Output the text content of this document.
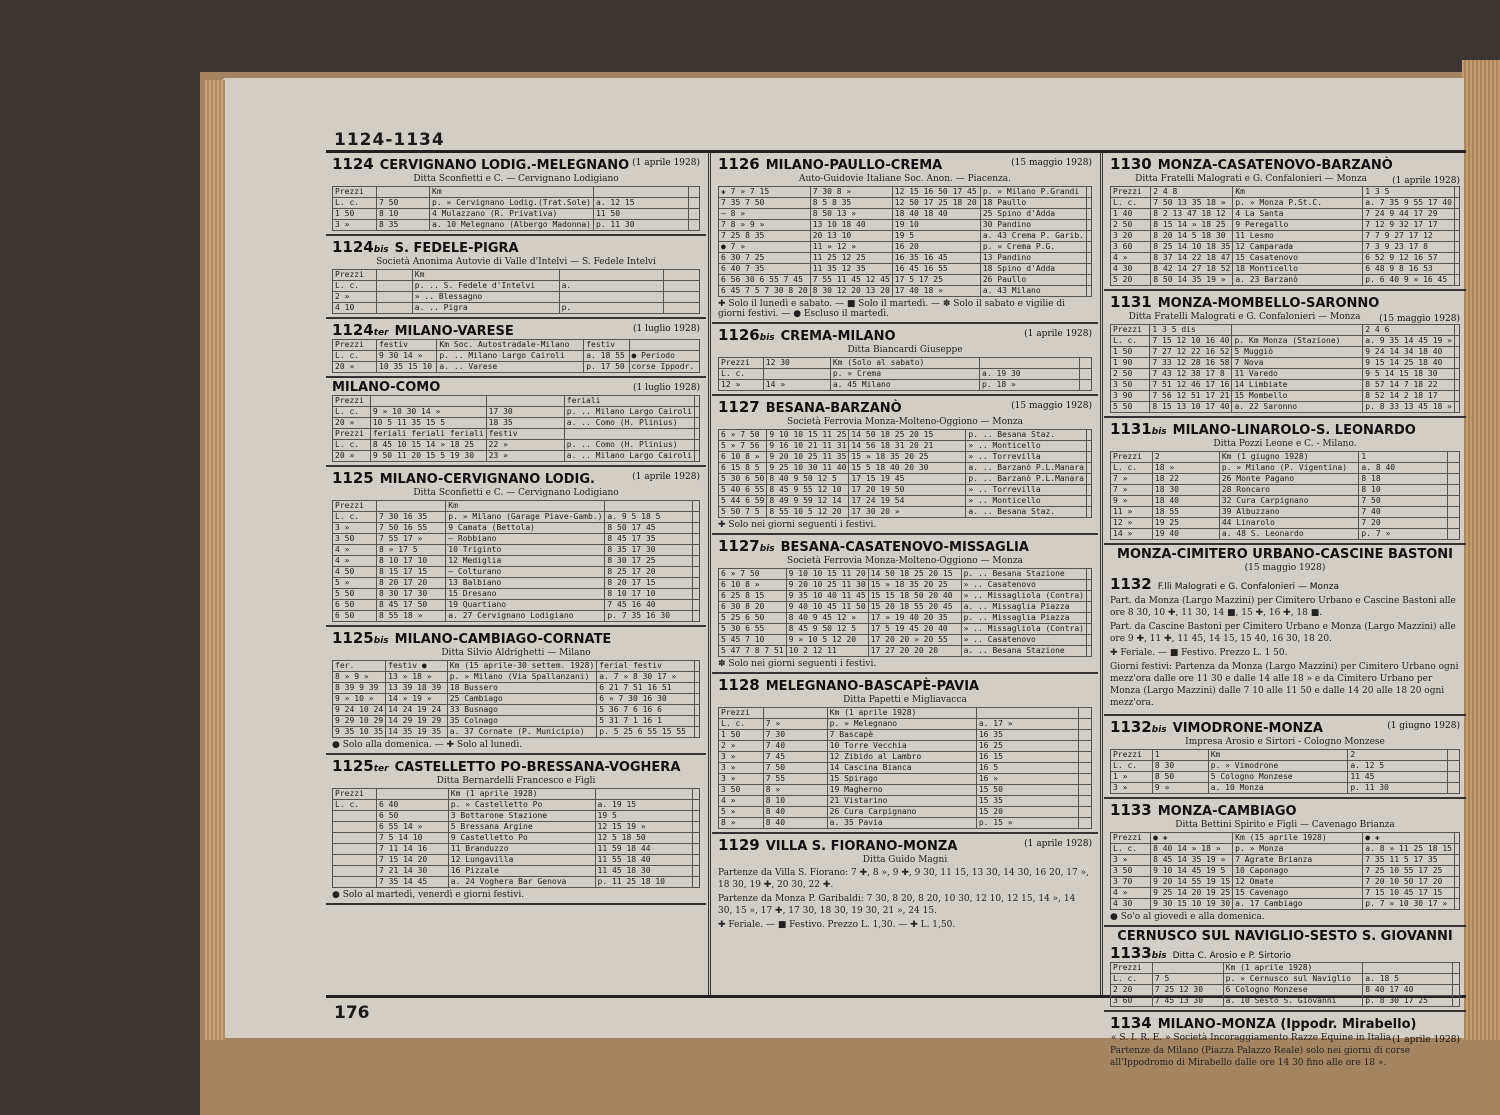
1124-1134
1124 CERVIGNANO LODIG.-MELEGNANO (1 aprile 1928)
Ditta Sconfietti e C. — Cervignano Lodigiano
Prezzi		Km		
L. c.	7 50	p. » Cervignano Lodig.(Trat.Sole)	a. 12 15	
1 50	8 10	4 Mulazzano (R. Privativa)	11 50	
3 »	8 35	a. 10 Melegnano (Albergo Madonna)	p. 11 30	
1124bis S. FEDELE-PIGRA
Società Anonima Autovie di Valle d'Intelvi — S. Fedele Intelvi
Prezzi		Km		
L. c.		p. .. S. Fedele d'Intelvi	a.	
2 »		» .. Blessagno		
4 10		a. .. Pigra	p.	
1124ter MILANO-VARESE	(1 luglio 1928)
Prezzi	festiv	Km Soc. Autostradale-Milano	festiv	
L. c.	9 30 14 »	p. .. Milano Largo Cairoli	a. 18 55	● Periodo
20 »	10 35 15 10	a. .. Varese	p. 17 50	corse Ippodr.
MILANO-COMO	(1 luglio 1928)
Prezzi			feriali	
L. c.	9 » 10 30 14 »	17 30	p. .. Milano Largo Cairoli	
20 »	10 5 11 35 15 5	18 35	a. .. Como (H. Plinius)	
Prezzi	feriali feriali feriali	festiv		
L. c.	8 45 10 15 14 » 18 25	22 »	p. .. Como (H. Plinius)	
20 »	9 50 11 20 15 5 19 30	23 »	a. .. Milano Largo Cairoli	
1125 MILANO-CERVIGNANO LODIG.	(1 aprile 1928)
Ditta Sconfietti e C. — Cervignano Lodigiano
Prezzi		Km		
L. c.	7 30 16 35	p. » Milano (Garage Piave-Gamb.)	a. 9 5 18 5	
3 »	7 50 16 55	9 Camata (Bettola)	8 50 17 45	
3 50	7 55 17 »	— Robbiano	8 45 17 35	
4 »	8 » 17 5	10 Triginto	8 35 17 30	
4 »	8 10 17 10	12 Mediglia	8 30 17 25	
4 50	8 15 17 15	— Colturano	8 25 17 20	
5 »	8 20 17 20	13 Balbiano	8 20 17 15	
5 50	8 30 17 30	15 Dresano	8 10 17 10	
6 50	8 45 17 50	19 Quartiano	7 45 16 40	
6 50	8 55 18 »	a. 27 Cervignano Lodigiano	p. 7 35 16 30	
1125bis MILANO-CAMBIAGO-CORNATE
Ditta Silvio Aldrighetti — Milano
fer.	festiv ●	Km (15 aprile-30 settem. 1928)	ferial festiv	
8 » 9 »	13 » 18 »	p. » Milano (Via Spallanzani)	a. 7 » 8 30 17 »	
8 39 9 39	13 39 18 39	18 Bussero	6 21 7 51 16 51	
9 » 10 »	14 » 19 »	25 Cambiago	6 » 7 30 16 30	
9 24 10 24	14 24 19 24	33 Busnago	5 36 7 6 16 6	
9 29 10 29	14 29 19 29	35 Colnago	5 31 7 1 16 1	
9 35 10 35	14 35 19 35	a. 37 Cornate (P. Municipio)	p. 5 25 6 55 15 55	
● Solo alla domenica. — ✚ Solo al lunedì.
1125ter CASTELLETTO PO-BRESSANA-VOGHERA
Ditta Bernardelli Francesco e Figli
Prezzi		Km (1 aprile 1928)		
L. c.	6 40	p. » Castelletto Po	a. 19 15	
	6 50	3 Bottarone Stazione	19 5	
	6 55 14 »	5 Bressana Argine	12 15 19 »	
	7 5 14 10	9 Castelletto Po	12 5 18 50	
	7 11 14 16	11 Branduzzo	11 59 18 44	
	7 15 14 20	12 Lungavilla	11 55 18 40	
	7 21 14 30	16 Pizzale	11 45 18 30	
	7 35 14 45	a. 24 Voghera Bar Genova	p. 11 25 18 10	
● Solo al martedì, venerdì e giorni festivi.
1126 MILANO-PAULLO-CREMA	(15 maggio 1928)
Auto-Guidovie Italiane Soc. Anon. — Piacenza.
✚ 7 » 7 15	7 30 8 »	12 15 16 50 17 45	p. » Milano P.Grandi	
7 35 7 50	8 5 8 35	12 50 17 25 18 20	18 Paullo	
— 8 »	8 50 13 »	18 40 18 40	25 Spino d'Adda	
7 8 » 9 »	13 10 18 40	19 10	30 Pandino	
7 25 8 35	20 13 10	19 5	a. 43 Crema P. Garib.	
● 7 »	11 » 12 »	16 20	p. » Crema P.G.	
6 30 7 25	11 25 12 25	16 35 16 45	13 Pandino	
6 40 7 35	11 35 12 35	16 45 16 55	18 Spino d'Adda	
6 56 30 6 55 7 45	7 55 11 45 12 45	17 5 17 25	26 Paullo	
6 45 7 5 7 30 8 20	8 30 12 20 13 20	17 40 18 »	a. 43 Milano	
✚ Solo il lunedì e sabato. — ■ Solo il martedì. — ✽ Solo il sabato e vigilie di giorni festivi. — ● Escluso il martedì.
1126bis CREMA-MILANO	(1 aprile 1928)
Ditta Biancardi Giuseppe
Prezzi	12 30	Km (Solo al sabato)		
L. c.		p. » Crema	a. 19 30	
12 »	14 »	a. 45 Milano	p. 18 »	
1127 BESANA-BARZANÒ	(15 maggio 1928)
Società Ferrovia Monza-Molteno-Oggiono — Monza
6 » 7 50	9 10 10 15 11 25	14 50 18 25 20 15	p. .. Besana Staz.	
5 » 7 56	9 16 10 21 11 31	14 56 18 31 20 21	» .. Monticello	
6 10 8 »	9 20 10 25 11 35	15 » 18 35 20 25	» .. Torrevilla	
6 15 8 5	9 25 10 30 11 40	15 5 18 40 20 30	a. .. Barzanò P.L.Manara	
5 30 6 50	8 40 9 50 12 5	17 15 19 45	p. .. Barzanò P.L.Manara	
5 40 6 55	8 45 9 55 12 10	17 20 19 50	» .. Torrevilla	
5 44 6 59	8 49 9 59 12 14	17 24 19 54	» .. Monticello	
5 50 7 5	8 55 10 5 12 20	17 30 20 »	a. .. Besana Staz.	
✚ Solo nei giorni seguenti i festivi.
1127bis BESANA-CASATENOVO-MISSAGLIA
Società Ferrovia Monza-Molteno-Oggiono — Monza
6 » 7 50	9 10 10 15 11 20	14 50 18 25 20 15	p. .. Besana Stazione	
6 10 8 »	9 20 10 25 11 30	15 » 18 35 20 25	» .. Casatenovo	
6 25 8 15	9 35 10 40 11 45	15 15 18 50 20 40	» .. Missagliola (Contra)	
6 30 8 20	9 40 10 45 11 50	15 20 18 55 20 45	a. .. Missaglia Piazza	
5 25 6 50	8 40 9 45 12 »	17 » 19 40 20 35	p. .. Missaglia Piazza	
5 30 6 55	8 45 9 50 12 5	17 5 19 45 20 40	» .. Missagliola (Contra)	
5 45 7 10	9 » 10 5 12 20	17 20 20 » 20 55	» .. Casatenovo	
5 47 7 8 7 51	10 2 12 11	17 27 20 20 20	a. .. Besana Stazione	
✽ Solo nei giorni seguenti i festivi.
1128 MELEGNANO-BASCAPÈ-PAVIA
Ditta Papetti e Migliavacca
Prezzi		Km (1 aprile 1928)		
L. c.	7 »	p. » Melegnano	a. 17 »	
1 50	7 30	7 Bascapè	16 35	
2 »	7 40	10 Torre Vecchia	16 25	
3 »	7 45	12 Zibido al Lambro	16 15	
3 »	7 50	14 Cascina Bianca	16 5	
3 »	7 55	15 Spirago	16 »	
3 50	8 »	19 Magherno	15 50	
4 »	8 10	21 Vistarino	15 35	
5 »	8 40	26 Cura Carpignano	15 20	
8 »	8 40	a. 35 Pavia	p. 15 »	
1129 VILLA S. FIORANO-MONZA	(1 aprile 1928)
Ditta Guido Magni
Partenze da Villa S. Fiorano: 7 ✚, 8 », 9 ✚, 9 30, 11 15, 13 30, 14 30, 16 20, 17 », 18 30, 19 ✚, 20 30, 22 ✚.
Partenze da Monza P. Garibaldi: 7 30, 8 20, 8 20, 10 30, 12 10, 12 15, 14 », 14 30, 15 », 17 ✚, 17 30, 18 30, 19 30, 21 », 24 15.
✚ Feriale. — ■ Festivo. Prezzo L. 1,30. — ✚ L. 1,50.
1130 MONZA-CASATENOVO-BARZANÒ
(1 aprile 1928)
Ditta Fratelli Malograti e G. Confalonieri — Monza
Prezzi	2 4 8	Km	1 3 5	
L. c.	7 50 13 35 18 »	p. » Monza P.St.C.	a. 7 35 9 55 17 40	
1 40	8 2 13 47 18 12	4 La Santa	7 24 9 44 17 29	
2 50	8 15 14 » 18 25	9 Peregallo	7 12 9 32 17 17	
3 20	8 20 14 5 18 30	11 Lesmo	7 7 9 27 17 12	
3 60	8 25 14 10 18 35	12 Camparada	7 3 9 23 17 8	
4 »	8 37 14 22 18 47	15 Casatenovo	6 52 9 12 16 57	
4 30	8 42 14 27 18 52	18 Monticello	6 48 9 8 16 53	
5 20	8 50 14 35 19 »	a. 23 Barzanò	p. 6 40 9 » 16 45	
1131 MONZA-MOMBELLO-SARONNO
(15 maggio 1928)
Ditta Fratelli Malograti e G. Confalonieri — Monza
Prezzi	1 3 5 dis		2 4 6	
L. c.	7 15 12 10 16 40	p. Km Monza (Stazione)	a. 9 35 14 45 19 »	
1 50	7 27 12 22 16 52	5 Muggiò	9 24 14 34 18 40	
1 90	7 33 12 28 16 58	7 Nova	9 15 14 25 18 40	
2 50	7 43 12 38 17 8	11 Varedo	9 5 14 15 18 30	
3 50	7 51 12 46 17 16	14 Limbiate	8 57 14 7 18 22	
3 90	7 56 12 51 17 21	15 Mombello	8 52 14 2 18 17	
5 50	8 15 13 10 17 40	a. 22 Saronno	p. 8 33 13 45 18 »	
1131bis MILANO-LINAROLO-S. LEONARDO
Ditta Pozzi Leone e C. - Milano.
Prezzi	2	Km (1 giugno 1928)	1	
L. c.	18 »	p. » Milano (P. Vigentina)	a. 8 40	
7 »	18 22	26 Monte Pagano	8 18	
7 »	18 30	28 Roncaro	8 10	
9 »	18 40	32 Cura Carpignano	7 50	
11 »	18 55	39 Albuzzano	7 40	
12 »	19 25	44 Linarolo	7 20	
14 »	19 40	a. 48 S. Leonardo	p. 7 »	
MONZA-CIMITERO URBANO-CASCINE BASTONI
(15 maggio 1928)
1132 F.lli Malograti e G. Confalonieri — Monza
Part. da Monza (Largo Mazzini) per Cimitero Urbano e Cascine Bastoni alle ore 8 30, 10 ✚, 11 30, 14 ■, 15 ✚, 16 ✚, 18 ■.
Part. da Cascine Bastoni per Cimitero Urbano e Monza (Largo Mazzini) alle ore 9 ✚, 11 ✚, 11 45, 14 15, 15 40, 16 30, 18 20.
✚ Feriale. — ■ Festivo. Prezzo L. 1 50.
Giorni festivi: Partenza da Monza (Largo Mazzini) per Cimitero Urbano ogni mezz'ora dalle ore 11 30 e dalle 14 alle 18 » e da Cimitero Urbano per Monza (Largo Mazzini) dalle 7 10 alle 11 50 e dalle 14 20 alle 18 20 ogni mezz'ora.
1132bis VIMODRONE-MONZA	(1 giugno 1928)
Impresa Arosio e Sirtori - Cologno Monzese
Prezzi	1	Km	2	
L. c.	8 30	p. » Vimodrone	a. 12 5	
1 »	8 50	5 Cologno Monzese	11 45	
3 »	9 »	a. 10 Monza	p. 11 30	
1133 MONZA-CAMBIAGO
Ditta Bettini Spirito e Figli — Cavenago Brianza
Prezzi	● ✚	Km (15 aprile 1928)	● ✚	
L. c.	8 40 14 » 18 »	p. » Monza	a. 8 » 11 25 18 15	
3 »	8 45 14 35 19 »	7 Agrate Brianza	7 35 11 5 17 35	
3 50	9 10 14 45 19 5	10 Caponago	7 25 10 55 17 25	
3 70	9 20 14 55 19 15	12 Omate	7 20 10 50 17 20	
4 »	9 25 14 20 19 25	15 Cavenago	7 15 10 45 17 15	
4 30	9 30 15 10 19 30	a. 17 Cambiago	p. 7 » 10 30 17 »	
● So'o al giovedì e alla domenica.
CERNUSCO SUL NAVIGLIO-SESTO S. GIOVANNI
1133bis Ditta C. Arosio e P. Sirtorio
Prezzi		Km (1 aprile 1928)		
L. c.	7 5	p. » Cernusco sul Naviglio	a. 18 5	
2 20	7 25 12 30	6 Cologno Monzese	8 40 17 40	
3 60	7 45 13 30	a. 10 Sesto S. Giovanni	p. 8 30 17 25	
1134 MILANO-MONZA (Ippodr. Mirabello)
(1 aprile 1928)
« S. I. R. E. » Società Incoraggiamento Razze Equine in Italia
Partenze da Milano (Piazza Palazzo Reale) solo nei giorni di corse all'Ippodromo di Mirabello dalle ore 14 30 fino alle ore 18 ».
176
